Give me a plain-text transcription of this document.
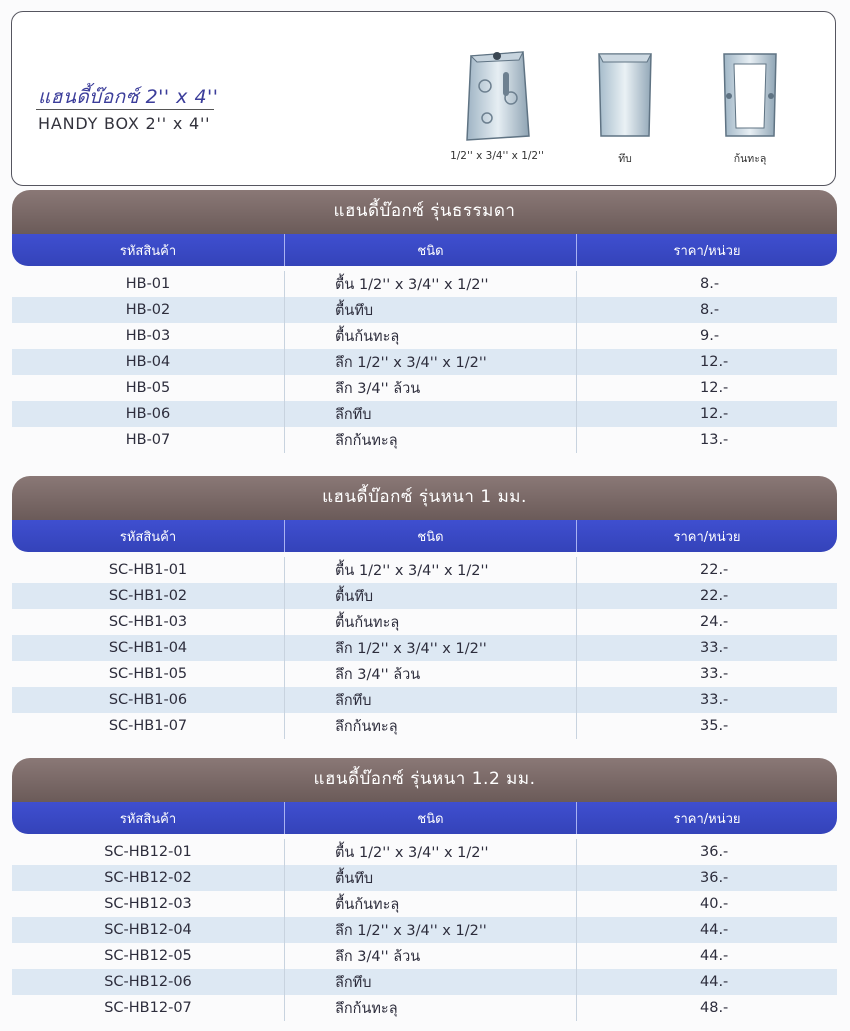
แฮนดี้บ๊อกซ์ 2'' x 4''
HANDY BOX 2'' x 4''
1/2'' x 3/4'' x 1/2''	ทึบ	ก้นทะลุ
แฮนดี้บ๊อกซ์ รุ่นธรรมดา
รหัสสินค้า	ชนิด	ราคา/หน่วย
HB-01	ตื้น 1/2'' x 3/4'' x 1/2''	8.-
HB-02	ตื้นทึบ	8.-
HB-03	ตื้นก้นทะลุ	9.-
HB-04	ลึก 1/2'' x 3/4'' x 1/2''	12.-
HB-05	ลึก 3/4'' ล้วน	12.-
HB-06	ลึกทึบ	12.-
HB-07	ลึกก้นทะลุ	13.-
แฮนดี้บ๊อกซ์ รุ่นหนา 1 มม.
รหัสสินค้า	ชนิด	ราคา/หน่วย
SC-HB1-01	ตื้น 1/2'' x 3/4'' x 1/2''	22.-
SC-HB1-02	ตื้นทึบ	22.-
SC-HB1-03	ตื้นก้นทะลุ	24.-
SC-HB1-04	ลึก 1/2'' x 3/4'' x 1/2''	33.-
SC-HB1-05	ลึก 3/4'' ล้วน	33.-
SC-HB1-06	ลึกทึบ	33.-
SC-HB1-07	ลึกก้นทะลุ	35.-
แฮนดี้บ๊อกซ์ รุ่นหนา 1.2 มม.
รหัสสินค้า	ชนิด	ราคา/หน่วย
SC-HB12-01	ตื้น 1/2'' x 3/4'' x 1/2''	36.-
SC-HB12-02	ตื้นทึบ	36.-
SC-HB12-03	ตื้นก้นทะลุ	40.-
SC-HB12-04	ลึก 1/2'' x 3/4'' x 1/2''	44.-
SC-HB12-05	ลึก 3/4'' ล้วน	44.-
SC-HB12-06	ลึกทึบ	44.-
SC-HB12-07	ลึกก้นทะลุ	48.-
